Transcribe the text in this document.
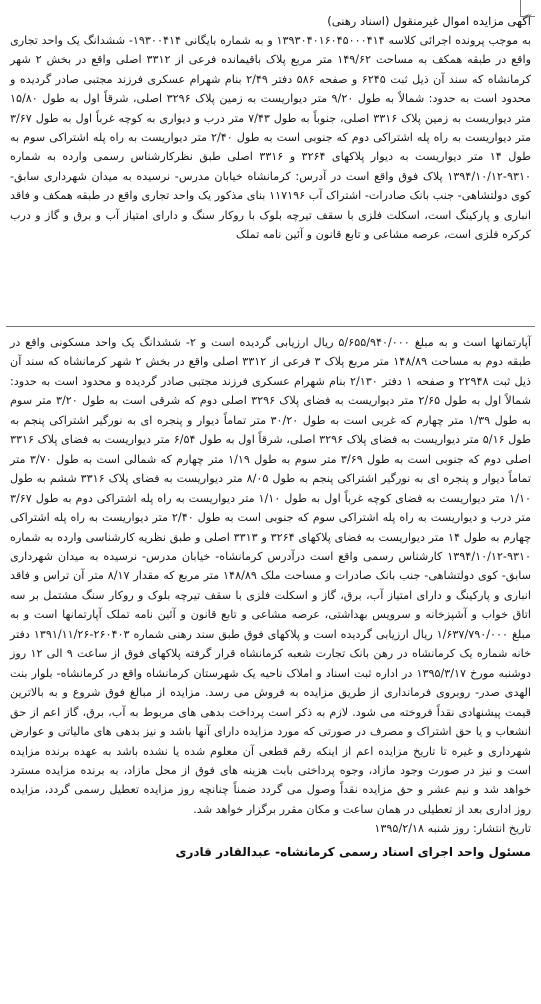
آگهی مزایده اموال غیرمنقول (اسناد رهنی)
به موجب پرونده اجرائی کلاسه ۱۳۹۳۰۴۰۱۶۰۴۵۰۰۰۴۱۴ و به شماره بایگانی ۱۹۳۰۰۴۱۴- ششدانگ یک واحد تجاری واقع در طبقه همکف به مساحت ۱۴۹/۶۲ متر مربع پلاک باقیمانده فرعی از ۳۳۱۲ اصلی واقع در بخش ۲ شهر کرمانشاه که سند آن ذیل ثبت ۶۲۴۵ و صفحه ۵۸۶ دفتر ۲/۴۹ بنام شهرام عسکری فرزند مجتبی صادر گردیده و محدود است به حدود: شمالاً به طول ۹/۲۰ متر دیواریست به زمین پلاک ۳۲۹۶ اصلی، شرقاً اول به طول ۱۵/۸۰ متر دیواریست به زمین پلاک ۳۳۱۶ اصلی، جنوباً به طول ۷/۴۳ متر درب و دیواری به کوچه غرباً اول به طول ۳/۶۷ متر دیواریست به راه پله اشتراکی دوم که جنوبی است به طول ۲/۴۰ متر دیواریست به راه پله اشتراکی سوم به طول ۱۴ متر دیواریست به دیوار پلاکهای ۳۲۶۴ و ۳۳۱۶ اصلی طبق نظرکارشناس رسمی وارده به شماره ۹۳۱۰-۱۳۹۴/۱۰/۱۲ پلاک فوق واقع است در آدرس: کرمانشاه خیابان مدرس- نرسیده به میدان شهرداری سابق- کوی دولتشاهی- جنب بانک صادرات- اشتراک آب ۱۱۷۱۹۶ بنای مذکور یک واحد تجاری واقع در طبقه همکف و فاقد انباری و پارکینگ است، اسکلت فلزی با سقف تیرچه بلوک با روکار سنگ و دارای امتیاز آب و برق و گاز و درب کرکره فلزی است، عرصه مشاعی و تابع قانون و آئین نامه تملک
آپارتمانها است و به مبلغ ۵/۶۵۵/۹۴۰/۰۰۰ ریال ارزیابی گردیده است و ۲- ششدانگ یک واحد مسکونی واقع در طبقه دوم به مساحت ۱۴۸/۸۹ متر مربع پلاک ۳ فرعی از ۳۳۱۲ اصلی واقع در بخش ۲ شهر کرمانشاه که سند آن ذیل ثبت ۲۲۹۴۸ و صفحه ۱ دفتر ۲/۱۳۰ بنام شهرام عسکری فرزند مجتبی صادر گردیده و محدود است به حدود: شمالاً اول به طول ۲/۶۵ متر دیواریست به فضای پلاک ۳۲۹۶ اصلی دوم که شرقی است به طول ۳/۲۰ متر سوم به طول ۱/۳۹ متر چهارم که غربی است به طول ۳۰/۲۰ متر تماماً دیوار و پنجره ای به نورگیر اشتراکی پنجم به طول ۵/۱۶ متر دیواریست به فضای پلاک ۳۲۹۶ اصلی، شرقاً اول به طول ۶/۵۴ متر دیواریست به فضای پلاک ۳۳۱۶ اصلی دوم که جنوبی است به طول ۳/۶۹ متر سوم به طول ۱/۱۹ متر چهارم که شمالی است به طول ۳/۷۰ متر تماماً دیوار و پنجره ای به نورگیر اشتراکی پنجم به طول ۸/۰۵ متر دیواریست به فضای پلاک ۳۳۱۶ ششم به طول ۱/۱۰ متر دیواریست به فضای کوچه غرباً اول به طول ۱/۱۰ متر دیواریست به راه پله اشتراکی دوم به طول ۳/۶۷ متر درب و دیواریست به راه پله اشتراکی سوم که جنوبی است به طول ۲/۴۰ متر دیواریست به راه پله اشتراکی چهارم به طول ۱۴ متر دیواریست به فضای پلاکهای ۳۲۶۴ و ۳۳۱۳ اصلی و طبق نظریه کارشناسی وارده به شماره ۹۳۱۰-۱۳۹۴/۱۰/۱۲ کارشناس رسمی واقع است درآدرس کرمانشاه- خیابان مدرس- نرسیده به میدان شهرداری سابق- کوی دولتشاهی- جنب بانک صادرات و مساحت ملک ۱۴۸/۸۹ متر مربع که مقدار ۸/۱۷ متر آن تراس و فاقد انباری و پارکینگ و دارای امتیاز آب، برق، گاز و اسکلت فلزی با سقف تیرچه بلوک و روکار سنگ مشتمل بر سه اتاق خواب و آشپزخانه و سرویس بهداشتی، عرصه مشاعی و تابع قانون و آئین نامه تملک آپارتمانها است و به مبلغ ۱/۶۳۷/۷۹۰/۰۰۰ ریال ارزیابی گردیده است و پلاکهای فوق طبق سند رهنی شماره ۲۶۰۴۰۳-۱۳۹۱/۱۱/۲۶ دفتر خانه شماره یک کرمانشاه در رهن بانک تجارت شعبه کرمانشاه قرار گرفته پلاکهای فوق از ساعت ۹ الی ۱۲ روز دوشنبه مورخ ۱۳۹۵/۳/۱۷ در اداره ثبت اسناد و املاک ناحیه یک شهرستان کرمانشاه واقع در کرمانشاه- بلوار بنت الهدی صدر- روبروی فرمانداری از طریق مزایده به فروش می رسد. مزایده از مبالغ فوق شروع و به بالاترین قیمت پیشنهادی نقداً فروخته می شود. لازم به ذکر است پرداخت بدهی های مربوط به آب، برق، گاز اعم از حق انشعاب و یا حق اشتراک و مصرف در صورتی که مورد مزایده دارای آنها باشد و نیز بدهی های مالیاتی و عوارض شهرداری و غیره تا تاریخ مزایده اعم از اینکه رقم قطعی آن معلوم شده یا نشده باشد به عهده برنده مزایده است و نیز در صورت وجود مازاد، وجوه پرداختی بابت هزینه های فوق از محل مازاد، به برنده مزایده مسترد خواهد شد و نیم عشر و حق مزایده نقداً وصول می گردد ضمناً چنانچه روز مزایده تعطیل رسمی گردد، مزایده روز اداری بعد از تعطیلی در همان ساعت و مکان مقرر برگزار خواهد شد.
تاریخ انتشار: روز شنبه ۱۳۹۵/۲/۱۸
مسئول واحد اجرای اسناد رسمی کرمانشاه- عبدالقادر قادری
